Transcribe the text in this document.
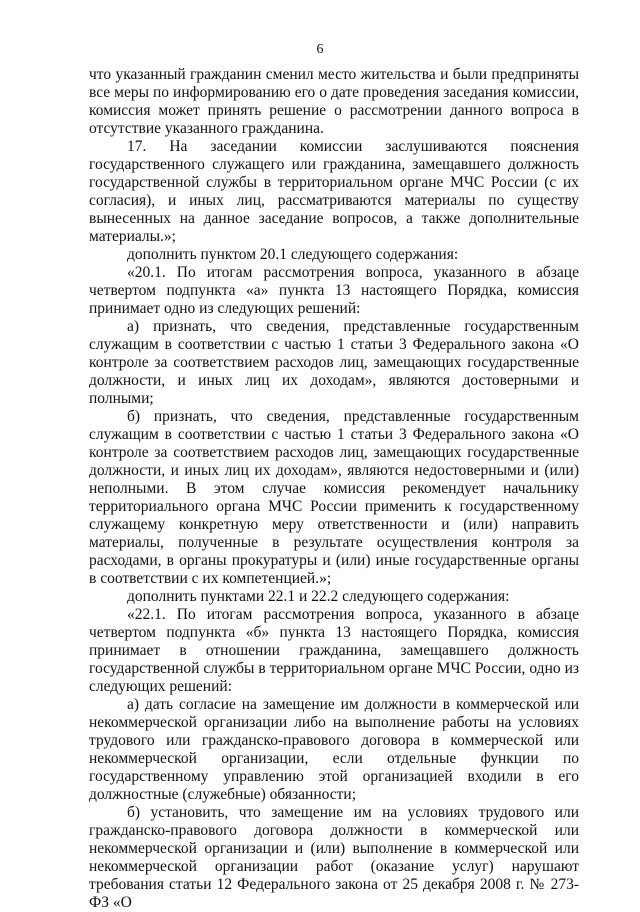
6

что указанный гражданин сменил место жительства и были предприняты все меры по информированию его о дате проведения заседания комиссии, комиссия может принять решение о рассмотрении данного вопроса в отсутствие указанного гражданина.

17. На заседании комиссии заслушиваются пояснения государственного служащего или гражданина, замещавшего должность государственной службы в территориальном органе МЧС России (с их согласия), и иных лиц, рассматриваются материалы по существу вынесенных на данное заседание вопросов, а также дополнительные материалы.»;

дополнить пунктом 20.1 следующего содержания:

«20.1. По итогам рассмотрения вопроса, указанного в абзаце четвертом подпункта «а» пункта 13 настоящего Порядка, комиссия принимает одно из следующих решений:

а) признать, что сведения, представленные государственным служащим в соответствии с частью 1 статьи 3 Федерального закона «О контроле за соответствием расходов лиц, замещающих государственные должности, и иных лиц их доходам», являются достоверными и полными;

б) признать, что сведения, представленные государственным служащим в соответствии с частью 1 статьи 3 Федерального закона «О контроле за соответствием расходов лиц, замещающих государственные должности, и иных лиц их доходам», являются недостоверными и (или) неполными. В этом случае комиссия рекомендует начальнику территориального органа МЧС России применить к государственному служащему конкретную меру ответственности и (или) направить материалы, полученные в результате осуществления контроля за расходами, в органы прокуратуры и (или) иные государственные органы в соответствии с их компетенцией.»;

дополнить пунктами 22.1 и 22.2 следующего содержания:

«22.1. По итогам рассмотрения вопроса, указанного в абзаце четвертом подпункта «б» пункта 13 настоящего Порядка, комиссия принимает в отношении гражданина, замещавшего должность государственной службы в территориальном органе МЧС России, одно из следующих решений:

а) дать согласие на замещение им должности в коммерческой или некоммерческой организации либо на выполнение работы на условиях трудового или гражданско-правового договора в коммерческой или некоммерческой организации, если отдельные функции по государственному управлению этой организацией входили в его должностные (служебные) обязанности;

б) установить, что замещение им на условиях трудового или гражданско-правового договора должности в коммерческой или некоммерческой организации и (или) выполнение в коммерческой или некоммерческой организации работ (оказание услуг) нарушают требования статьи 12 Федерального закона от 25 декабря 2008 г. № 273-ФЗ «О
